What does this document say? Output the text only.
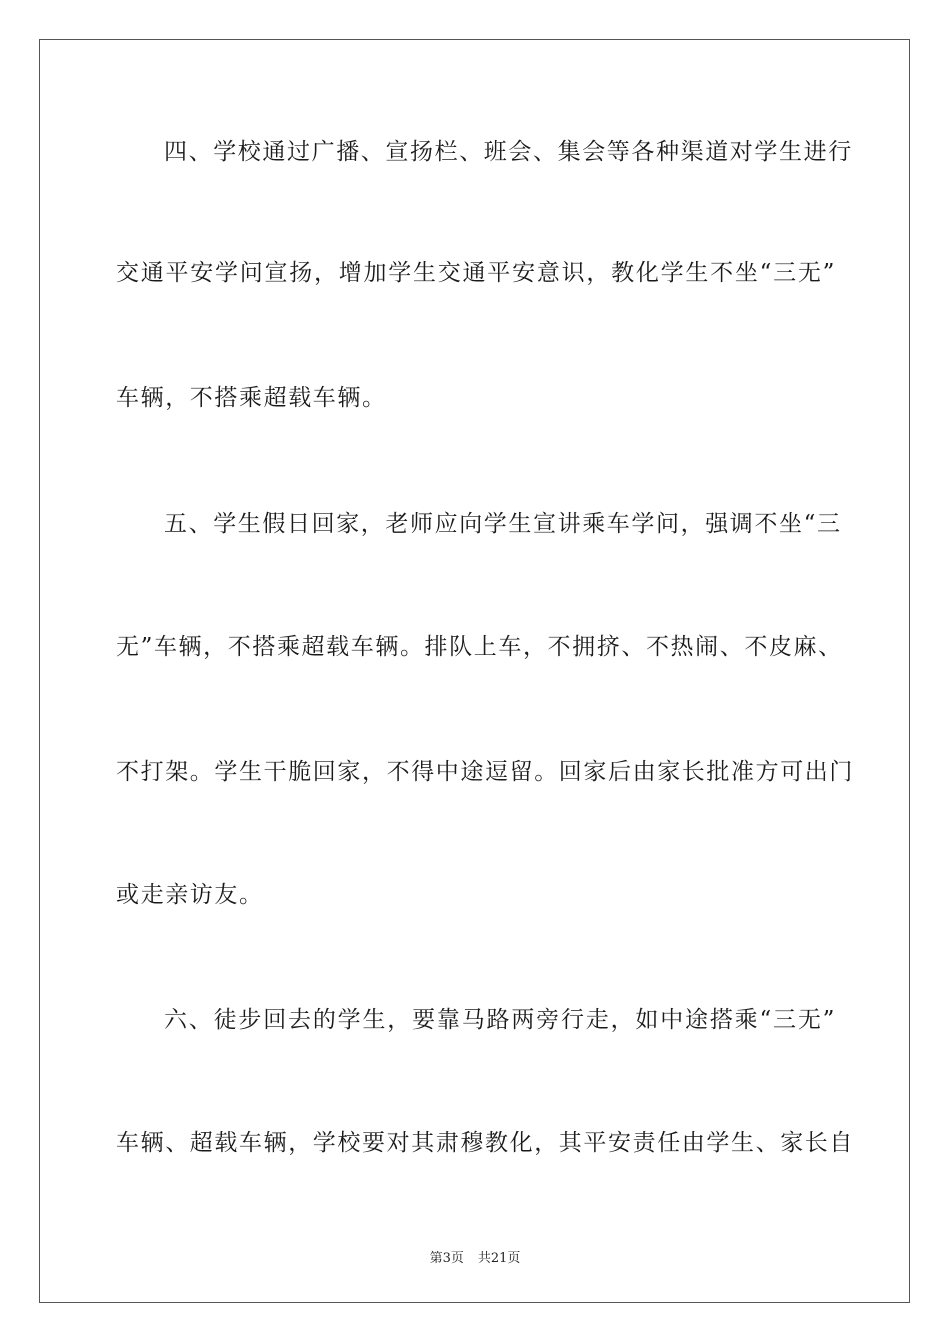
四、学校通过广播、宣扬栏、班会、集会等各种渠道对学生进行
交通平安学问宣扬，增加学生交通平安意识，教化学生不坐“三无”
车辆，不搭乘超载车辆。
五、学生假日回家，老师应向学生宣讲乘车学问，强调不坐“三
无”车辆，不搭乘超载车辆。排队上车，不拥挤、不热闹、不皮麻、
不打架。学生干脆回家，不得中途逗留。回家后由家长批准方可出门
或走亲访友。
六、徒步回去的学生，要靠马路两旁行走，如中途搭乘“三无”
车辆、超载车辆，学校要对其肃穆教化，其平安责任由学生、家长自
第3页 共21页
